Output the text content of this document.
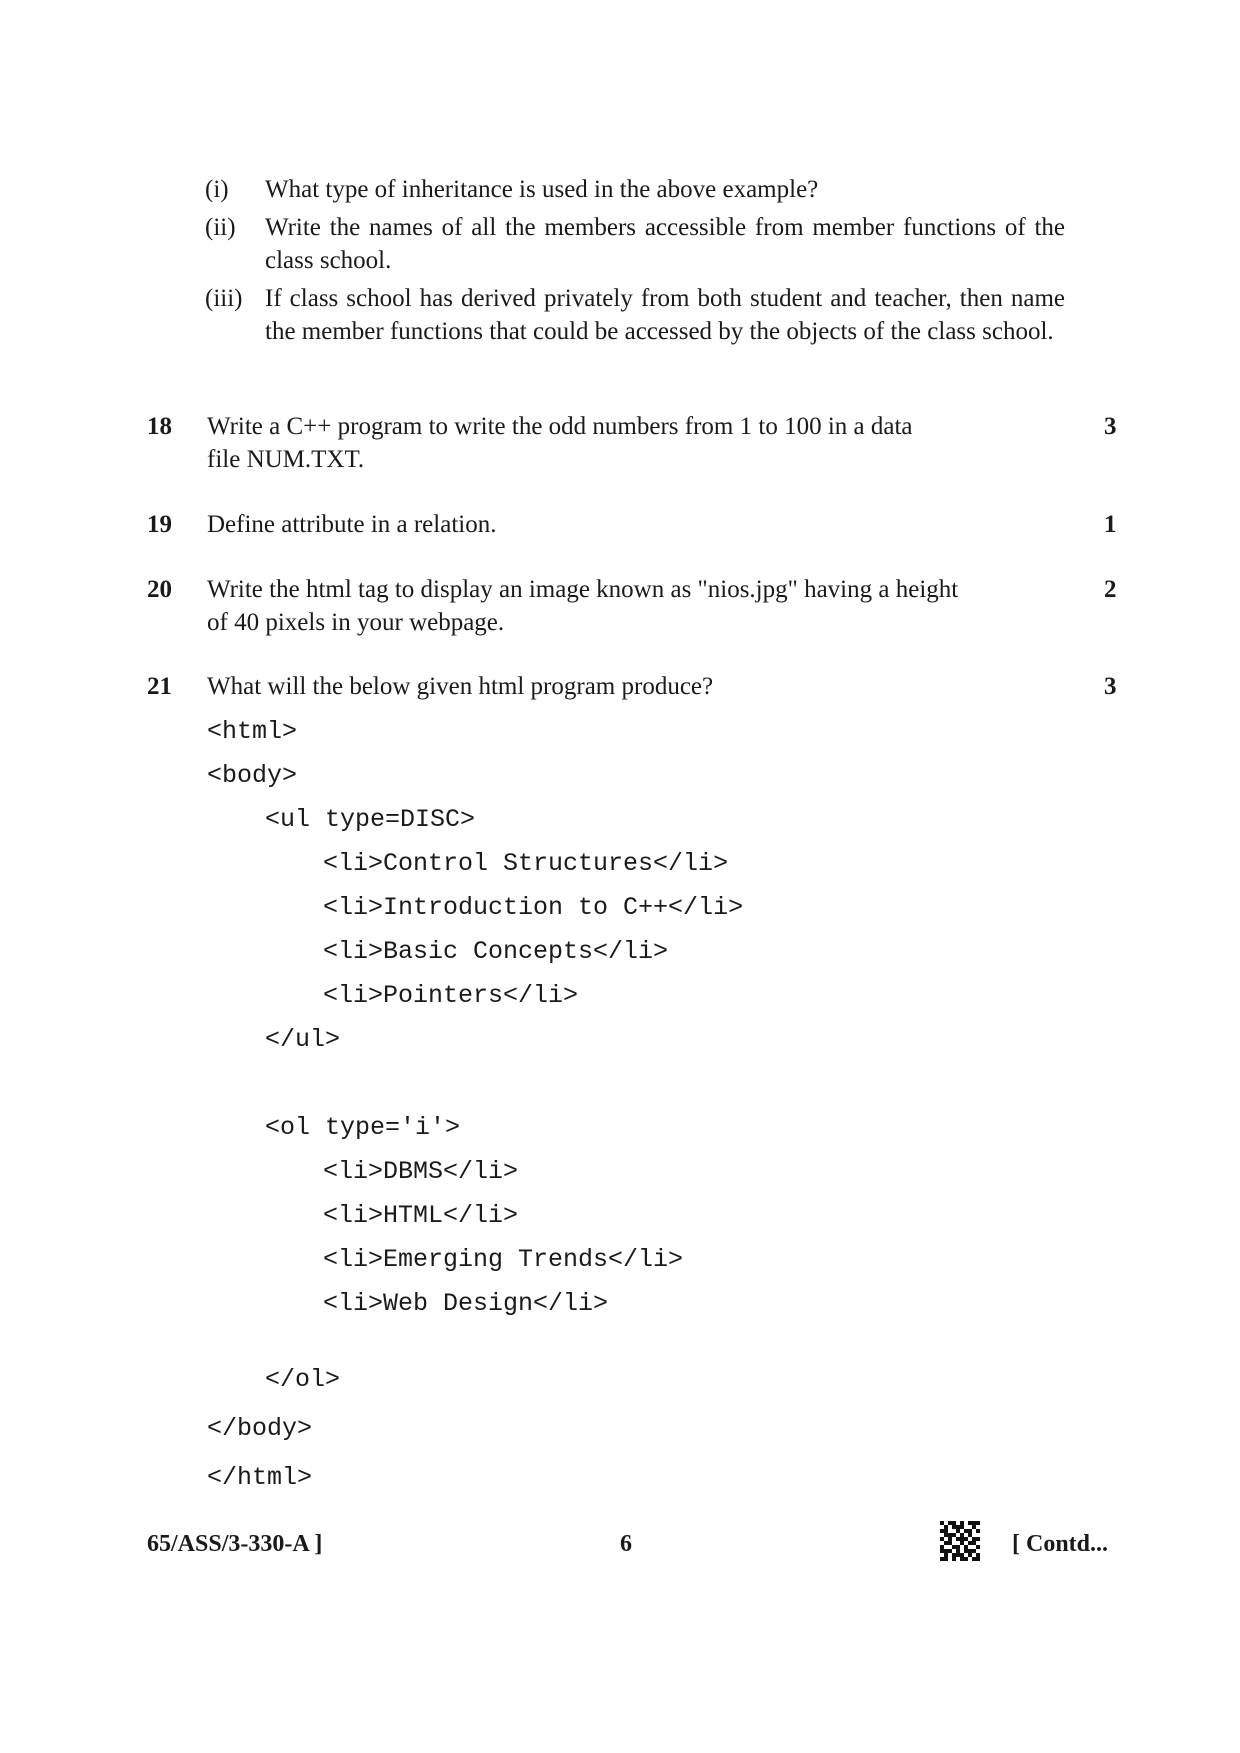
(i) What type of inheritance is used in the above example?
(ii) Write the names of all the members accessible from member functions of the class school.
(iii) If class school has derived privately from both student and teacher, then name the member functions that could be accessed by the objects of the class school.
18 Write a C++ program to write the odd numbers from 1 to 100 in a data
file NUM.TXT.
3
19 Define attribute in a relation.	1
20 Write the html tag to display an image known as "nios.jpg" having a height
of 40 pixels in your webpage.
2
21 What will the below given html program produce?	3
<html>
<body>
<ul type=DISC>
<li>Control Structures</li>
<li>Introduction to C++</li>
<li>Basic Concepts</li>
<li>Pointers</li>
</ul>
<ol type='i'>
<li>DBMS</li>
<li>HTML</li>
<li>Emerging Trends</li>
<li>Web Design</li>
</ol>
</body>
</html>
65/ASS/3-330-A ]	6	[ Contd...
